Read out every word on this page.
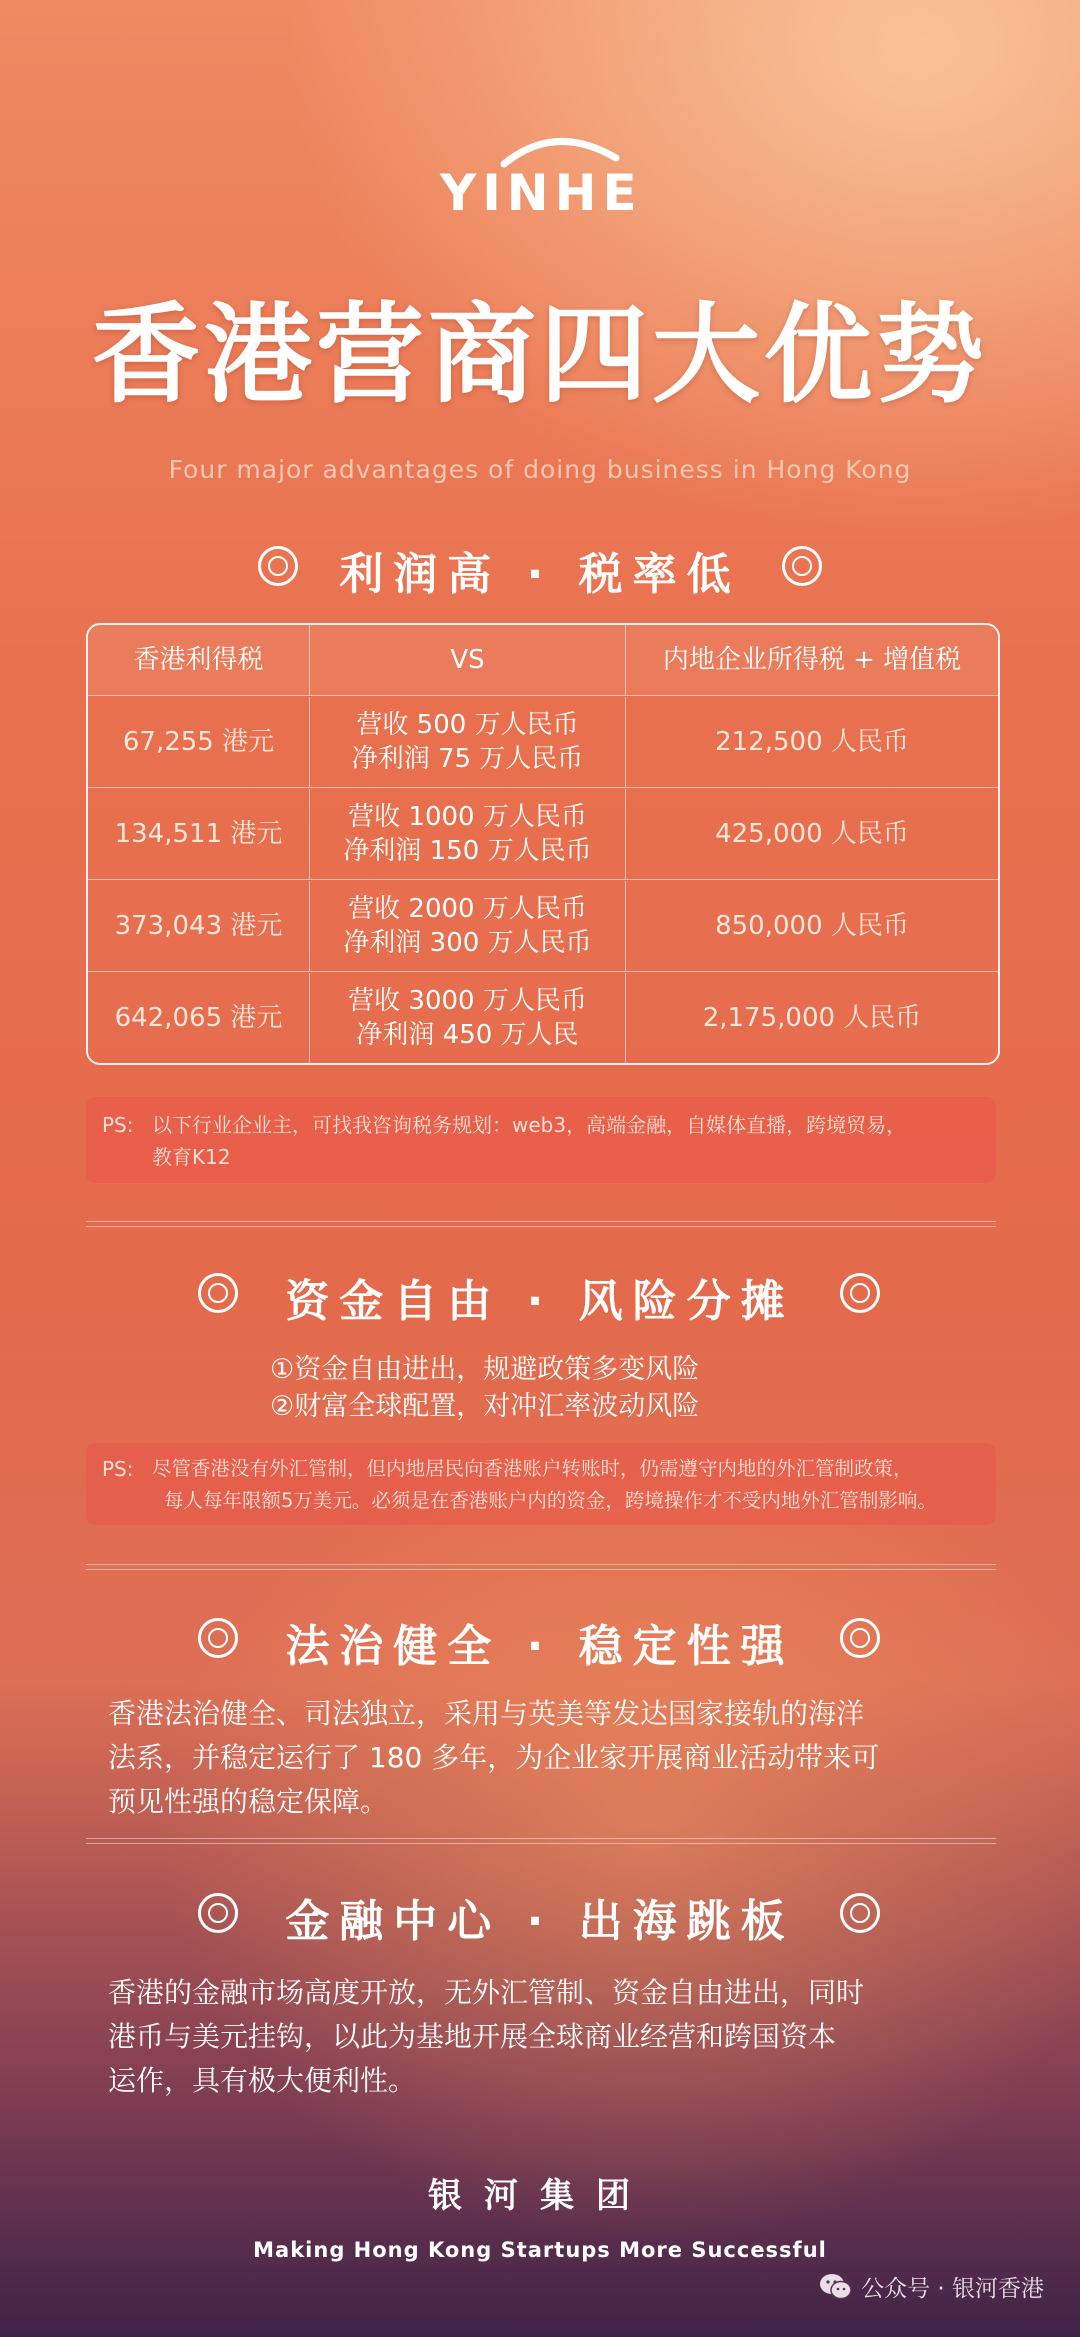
YINHE
香港营商四大优势
Four major advantages of doing business in Hong Kong
利润高 · 税率低
香港利得税	VS	内地企业所得税 + 增值税
67,255 港元
营收 500 万人民币
净利润 75 万人民币
212,500 人民币
134,511 港元
营收 1000 万人民币
净利润 150 万人民币
425,000 人民币
373,043 港元
营收 2000 万人民币
净利润 300 万人民币
850,000 人民币
642,065 港元
营收 3000 万人民币
净利润 450 万人民
2,175,000 人民币
PS: 以下行业企业主，可找我咨询税务规划：web3，高端金融，自媒体直播，跨境贸易，
教育K12
资金自由 · 风险分摊
①资金自由进出，规避政策多变风险
②财富全球配置，对冲汇率波动风险
PS: 尽管香港没有外汇管制，但内地居民向香港账户转账时，仍需遵守内地的外汇管制政策，
每人每年限额5万美元。必须是在香港账户内的资金，跨境操作才不受内地外汇管制影响。
法治健全 · 稳定性强
香港法治健全、司法独立，采用与英美等发达国家接轨的海洋
法系，并稳定运行了 180 多年，为企业家开展商业活动带来可
预见性强的稳定保障。
金融中心 · 出海跳板
香港的金融市场高度开放，无外汇管制、资金自由进出，同时
港币与美元挂钩，以此为基地开展全球商业经营和跨国资本
运作，具有极大便利性。
银河集团
Making Hong Kong Startups More Successful
公众号 · 银河香港
